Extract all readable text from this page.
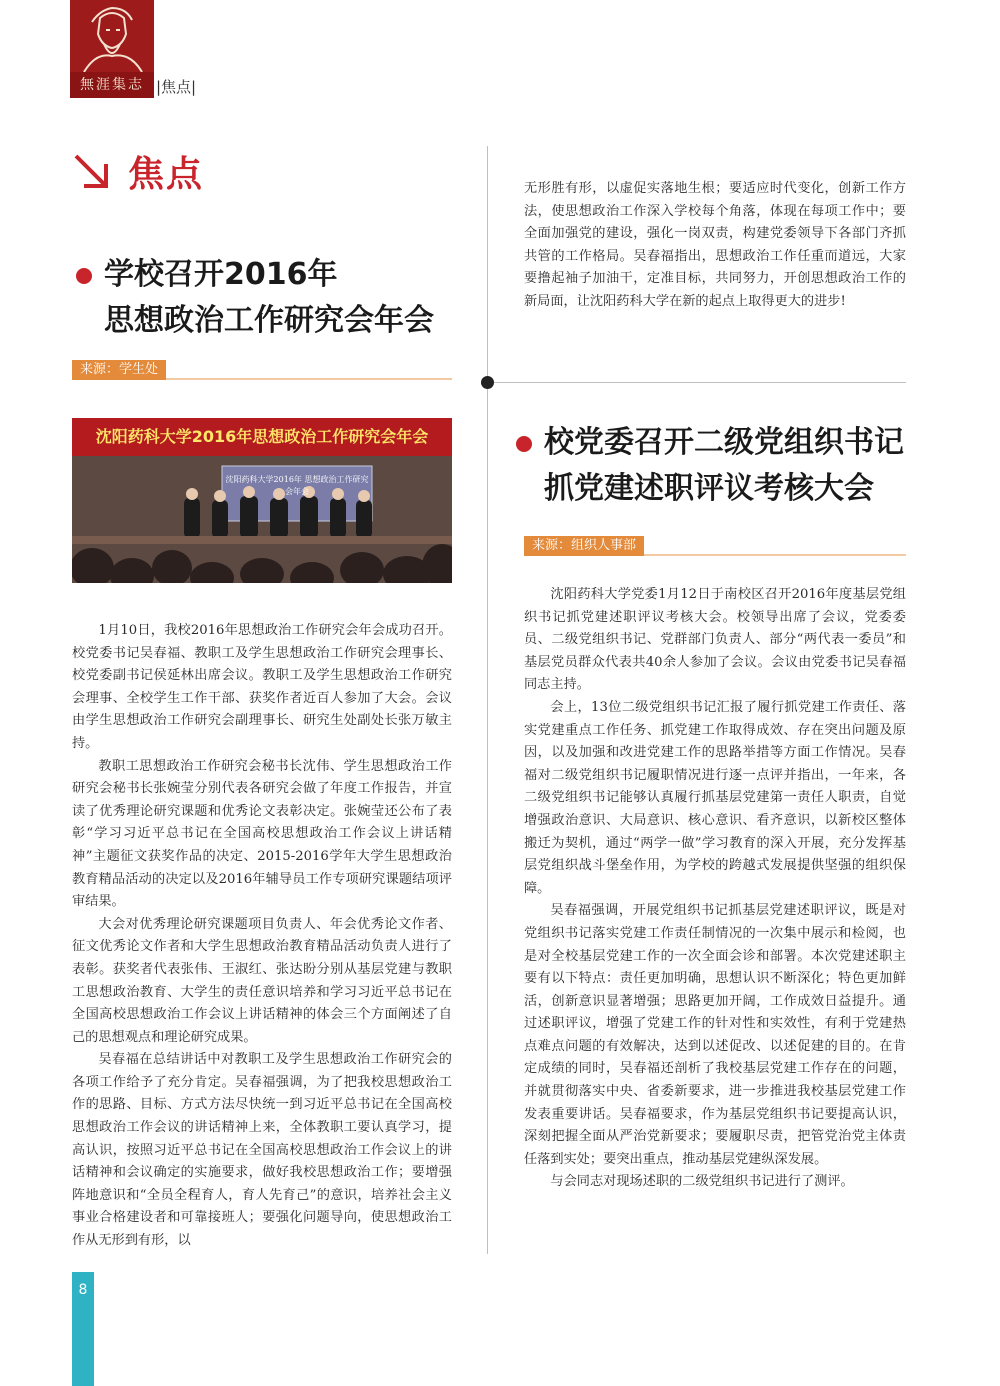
無涯集志 |焦点|
焦点
学校召开2016年
思想政治工作研究会年会
来源：学生处
沈阳药科大学2016年思想政治工作研究会年会
沈阳药科大学2016年 思想政治工作研究会年会

1月10日，我校2016年思想政治工作研究会年会成功召开。校党委书记吴春福、教职工及学生思想政治工作研究会理事长、校党委副书记侯延林出席会议。教职工及学生思想政治工作研究会理事、全校学生工作干部、获奖作者近百人参加了大会。会议由学生思想政治工作研究会副理事长、研究生处副处长张万敏主持。

教职工思想政治工作研究会秘书长沈伟、学生思想政治工作研究会秘书长张婉莹分别代表各研究会做了年度工作报告，并宣读了优秀理论研究课题和优秀论文表彰决定。张婉莹还公布了表彰“学习习近平总书记在全国高校思想政治工作会议上讲话精神”主题征文获奖作品的决定、2015-2016学年大学生思想政治教育精品活动的决定以及2016年辅导员工作专项研究课题结项评审结果。

大会对优秀理论研究课题项目负责人、年会优秀论文作者、征文优秀论文作者和大学生思想政治教育精品活动负责人进行了表彰。获奖者代表张伟、王淑红、张达盼分别从基层党建与教职工思想政治教育、大学生的责任意识培养和学习习近平总书记在全国高校思想政治工作会议上讲话精神的体会三个方面阐述了自己的思想观点和理论研究成果。

吴春福在总结讲话中对教职工及学生思想政治工作研究会的各项工作给予了充分肯定。吴春福强调，为了把我校思想政治工作的思路、目标、方式方法尽快统一到习近平总书记在全国高校思想政治工作会议的讲话精神上来，全体教职工要认真学习，提高认识，按照习近平总书记在全国高校思想政治工作会议上的讲话精神和会议确定的实施要求，做好我校思想政治工作；要增强阵地意识和“全员全程育人，育人先育己”的意识，培养社会主义事业合格建设者和可靠接班人；要强化问题导向，使思想政治工作从无形到有形，以

无形胜有形，以虚促实落地生根；要适应时代变化，创新工作方法，使思想政治工作深入学校每个角落，体现在每项工作中；要全面加强党的建设，强化一岗双责，构建党委领导下各部门齐抓共管的工作格局。吴春福指出，思想政治工作任重而道远，大家要撸起袖子加油干，定准目标，共同努力，开创思想政治工作的新局面，让沈阳药科大学在新的起点上取得更大的进步!

校党委召开二级党组织书记
抓党建述职评议考核大会
来源：组织人事部

沈阳药科大学党委1月12日于南校区召开2016年度基层党组织书记抓党建述职评议考核大会。校领导出席了会议，党委委员、二级党组织书记、党群部门负责人、部分“两代表一委员”和基层党员群众代表共40余人参加了会议。会议由党委书记吴春福同志主持。

会上，13位二级党组织书记汇报了履行抓党建工作责任、落实党建重点工作任务、抓党建工作取得成效、存在突出问题及原因，以及加强和改进党建工作的思路举措等方面工作情况。吴春福对二级党组织书记履职情况进行逐一点评并指出，一年来，各二级党组织书记能够认真履行抓基层党建第一责任人职责，自觉增强政治意识、大局意识、核心意识、看齐意识，以新校区整体搬迁为契机，通过“两学一做”学习教育的深入开展，充分发挥基层党组织战斗堡垒作用，为学校的跨越式发展提供坚强的组织保障。

吴春福强调，开展党组织书记抓基层党建述职评议，既是对党组织书记落实党建工作责任制情况的一次集中展示和检阅，也是对全校基层党建工作的一次全面会诊和部署。本次党建述职主要有以下特点：责任更加明确，思想认识不断深化；特色更加鲜活，创新意识显著增强；思路更加开阔，工作成效日益提升。通过述职评议，增强了党建工作的针对性和实效性，有利于党建热点难点问题的有效解决，达到以述促改、以述促建的目的。在肯定成绩的同时，吴春福还剖析了我校基层党建工作存在的问题，并就贯彻落实中央、省委新要求，进一步推进我校基层党建工作发表重要讲话。吴春福要求，作为基层党组织书记要提高认识，深刻把握全面从严治党新要求；要履职尽责，把管党治党主体责任落到实处；要突出重点，推动基层党建纵深发展。

与会同志对现场述职的二级党组织书记进行了测评。

8
